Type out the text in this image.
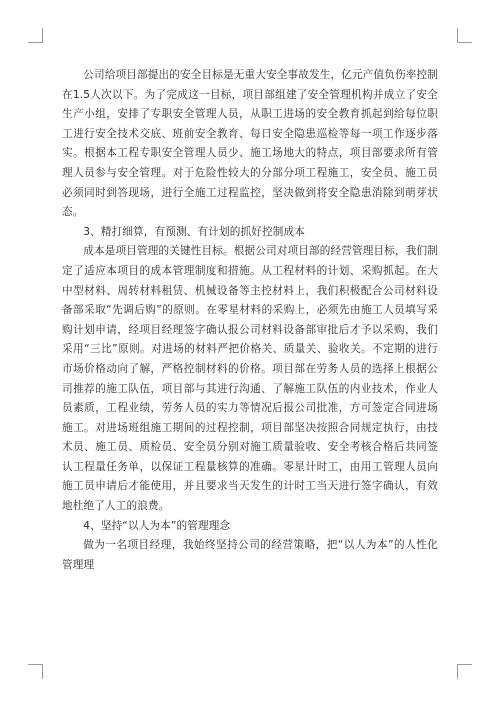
公司给项目部提出的安全目标是无重大安全事故发生，亿元产值负伤率控制在1.5人次以下。为了完成这一目标，项目部组建了安全管理机构并成立了安全生产小组，安排了专职安全管理人员，从职工进场的安全教育抓起到给每位职工进行安全技术交底、班前安全教育、每日安全隐患巡检等每一项工作逐步落实。根据本工程专职安全管理人员少、施工场地大的特点，项目部要求所有管理人员参与安全管理。对于危险性较大的分部分项工程施工，安全员、施工员必须同时到答现场，进行全施工过程监控，坚决做到将安全隐患消除到萌芽状态。

3、精打细算，有预测、有计划的抓好控制成本

成本是项目管理的关键性目标。根据公司对项目部的经营管理目标，我们制定了适应本项目的成本管理制度和措施。从工程材料的计划、采购抓起。在大中型材料、周转材料租赁、机械设备等主控材料上，我们积极配合公司材料设备部采取“先调后购”的原则。在零星材料的采购上，必须先由施工人员填写采购计划申请，经项目经理签字确认报公司材料设备部审批后才予以采购，我们采用“三比”原则。对进场的材料严把价格关、质量关、验收关。不定期的进行市场价格动向了解，严格控制材料的价格。项目部在劳务人员的选择上根据公司推荐的施工队伍，项目部与其进行沟通、了解施工队伍的内业技术，作业人员素质，工程业绩，劳务人员的实力等情况后报公司批准，方可签定合同进场施工。对进场班组施工期间的过程控制，项目部坚决按照合同规定执行，由技术员、施工员、质检员、安全员分别对施工质量验收、安全考核合格后共同签认工程量任务单，以保证工程量核算的准确。零星计时工，由用工管理人员向施工员申请后才能使用，并且要求当天发生的计时工当天进行签字确认，有效地杜绝了人工的浪费。

4、坚持“以人为本”的管理理念

做为一名项目经理，我始终坚持公司的经营策略，把“以人为本”的人性化管理理
